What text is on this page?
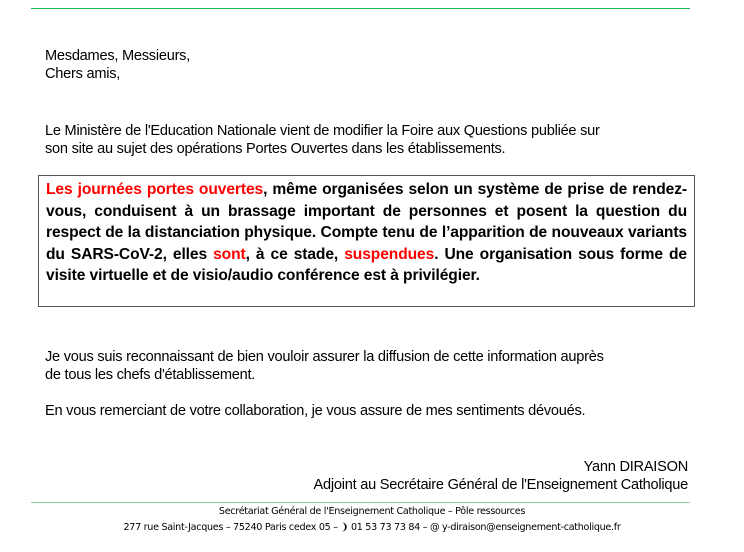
Mesdames, Messieurs,
Chers amis,
Le Ministère de l'Education Nationale vient de modifier la Foire aux Questions publiée sur
son site au sujet des opérations Portes Ouvertes dans les établissements.
Les journées portes ouvertes, même organisées selon un système de prise de rendez-vous, conduisent à un brassage important de personnes et posent la question du respect de la distanciation physique. Compte tenu de l’apparition de nouveaux variants du SARS-CoV-2, elles sont, à ce stade, suspendues. Une organisation sous forme de visite virtuelle et de visio/audio conférence est à privilégier.
Je vous suis reconnaissant de bien vouloir assurer la diffusion de cette information auprès
de tous les chefs d'établissement.
En vous remerciant de votre collaboration, je vous assure de mes sentiments dévoués.
Yann DIRAISON
Adjoint au Secrétaire Général de l'Enseignement Catholique
Secrétariat Général de l'Enseignement Catholique – Pôle ressources
277 rue Saint-Jacques – 75240 Paris cedex 05 – ❩ 01 53 73 73 84 – @ y-diraison@enseignement-catholique.fr
